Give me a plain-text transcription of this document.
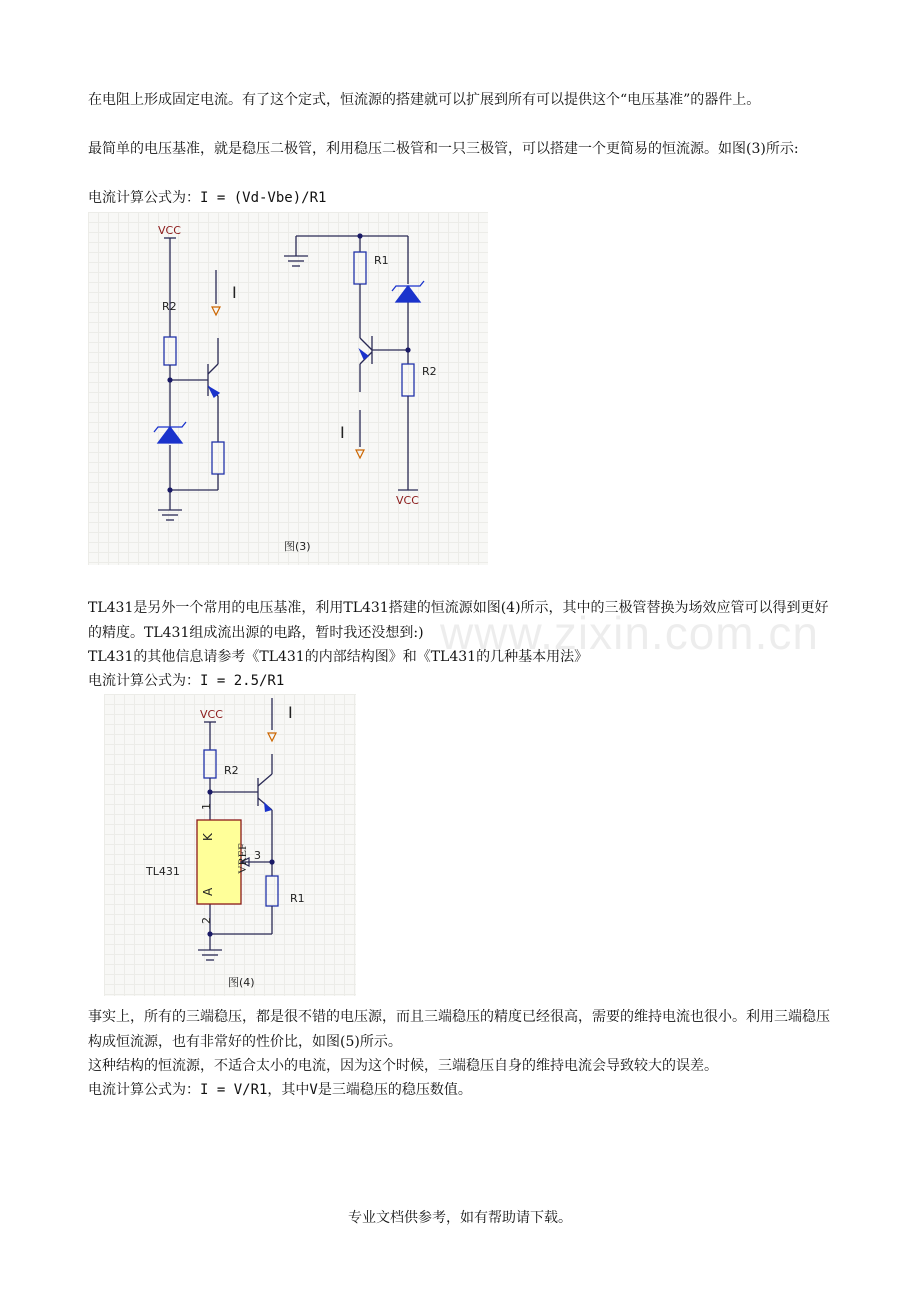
在电阻上形成固定电流。有了这个定式，恒流源的搭建就可以扩展到所有可以提供这个“电压基准”的器件上。

最简单的电压基准，就是稳压二极管，利用稳压二极管和一只三极管，可以搭建一个更简易的恒流源。如图(3)所示:

电流计算公式为：I = (Vd-Vbe)/R1

VCC
R2
I
R1
R2
I
VCC
图(3)

TL431是另外一个常用的电压基准，利用TL431搭建的恒流源如图(4)所示，其中的三极管替换为场效应管可以得到更好的精度。TL431组成流出源的电路，暂时我还没想到:)

TL431的其他信息请参考《TL431的内部结构图》和《TL431的几种基本用法》

电流计算公式为：I = 2.5/R1

www.zixin.com.cn
VCC	I
R2
1
K
VREF 3
TL431
A
R1
2
图(4)

事实上，所有的三端稳压，都是很不错的电压源，而且三端稳压的精度已经很高，需要的维持电流也很小。利用三端稳压构成恒流源，也有非常好的性价比，如图(5)所示。

这种结构的恒流源，不适合太小的电流，因为这个时候，三端稳压自身的维持电流会导致较大的误差。

电流计算公式为：I = V/R1，其中V是三端稳压的稳压数值。

专业文档供参考，如有帮助请下载。
